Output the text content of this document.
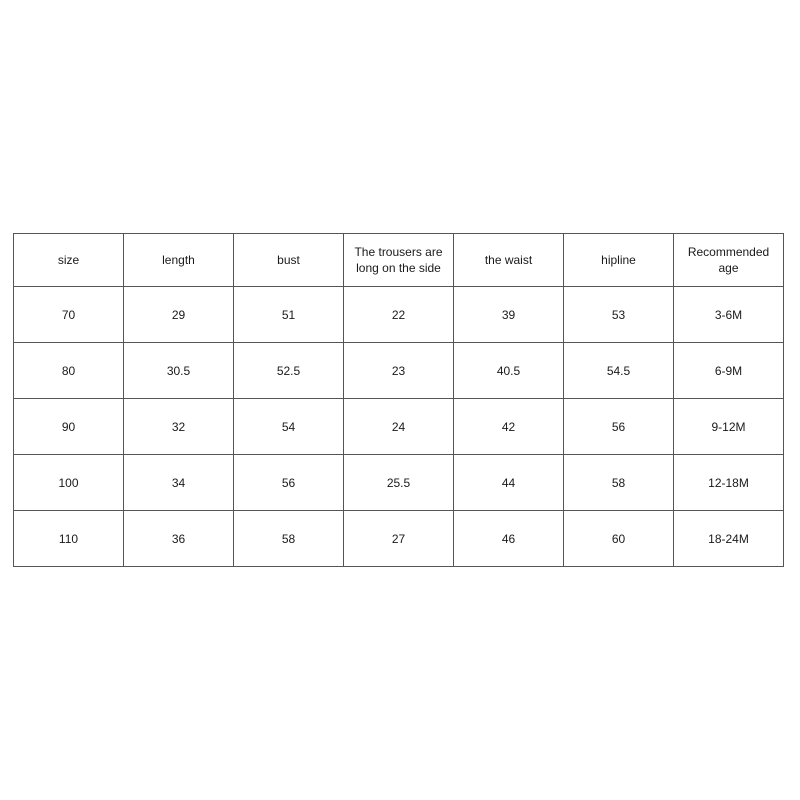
size	length	bust	The trousers are long on the side	the waist	hipline	Recommended age
70	29	51	22	39	53	3-6M
80	30.5	52.5	23	40.5	54.5	6-9M
90	32	54	24	42	56	9-12M
100	34	56	25.5	44	58	12-18M
110	36	58	27	46	60	18-24M
